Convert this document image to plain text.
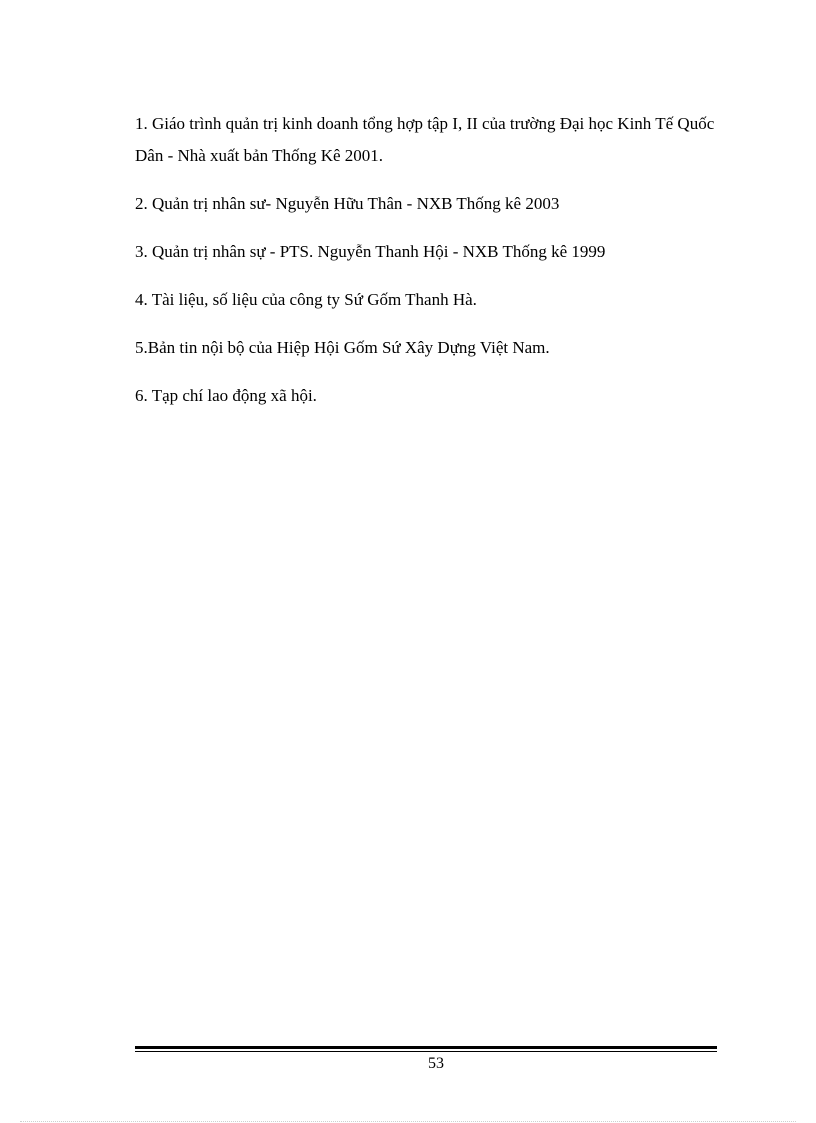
1. Giáo trình quản trị kinh doanh tổng hợp tập I, II của trường Đại học Kinh Tế Quốc Dân - Nhà xuất bản Thống Kê 2001.
2. Quản trị nhân sư- Nguyễn Hữu Thân - NXB Thống kê 2003
3. Quản trị nhân sự - PTS. Nguyễn Thanh Hội - NXB Thống kê 1999
4. Tài liệu, số liệu của công ty Sứ Gốm Thanh Hà.
5.Bản tin nội bộ của Hiệp Hội Gốm Sứ Xây Dựng Việt Nam.
6. Tạp chí lao động xã hội.
53
